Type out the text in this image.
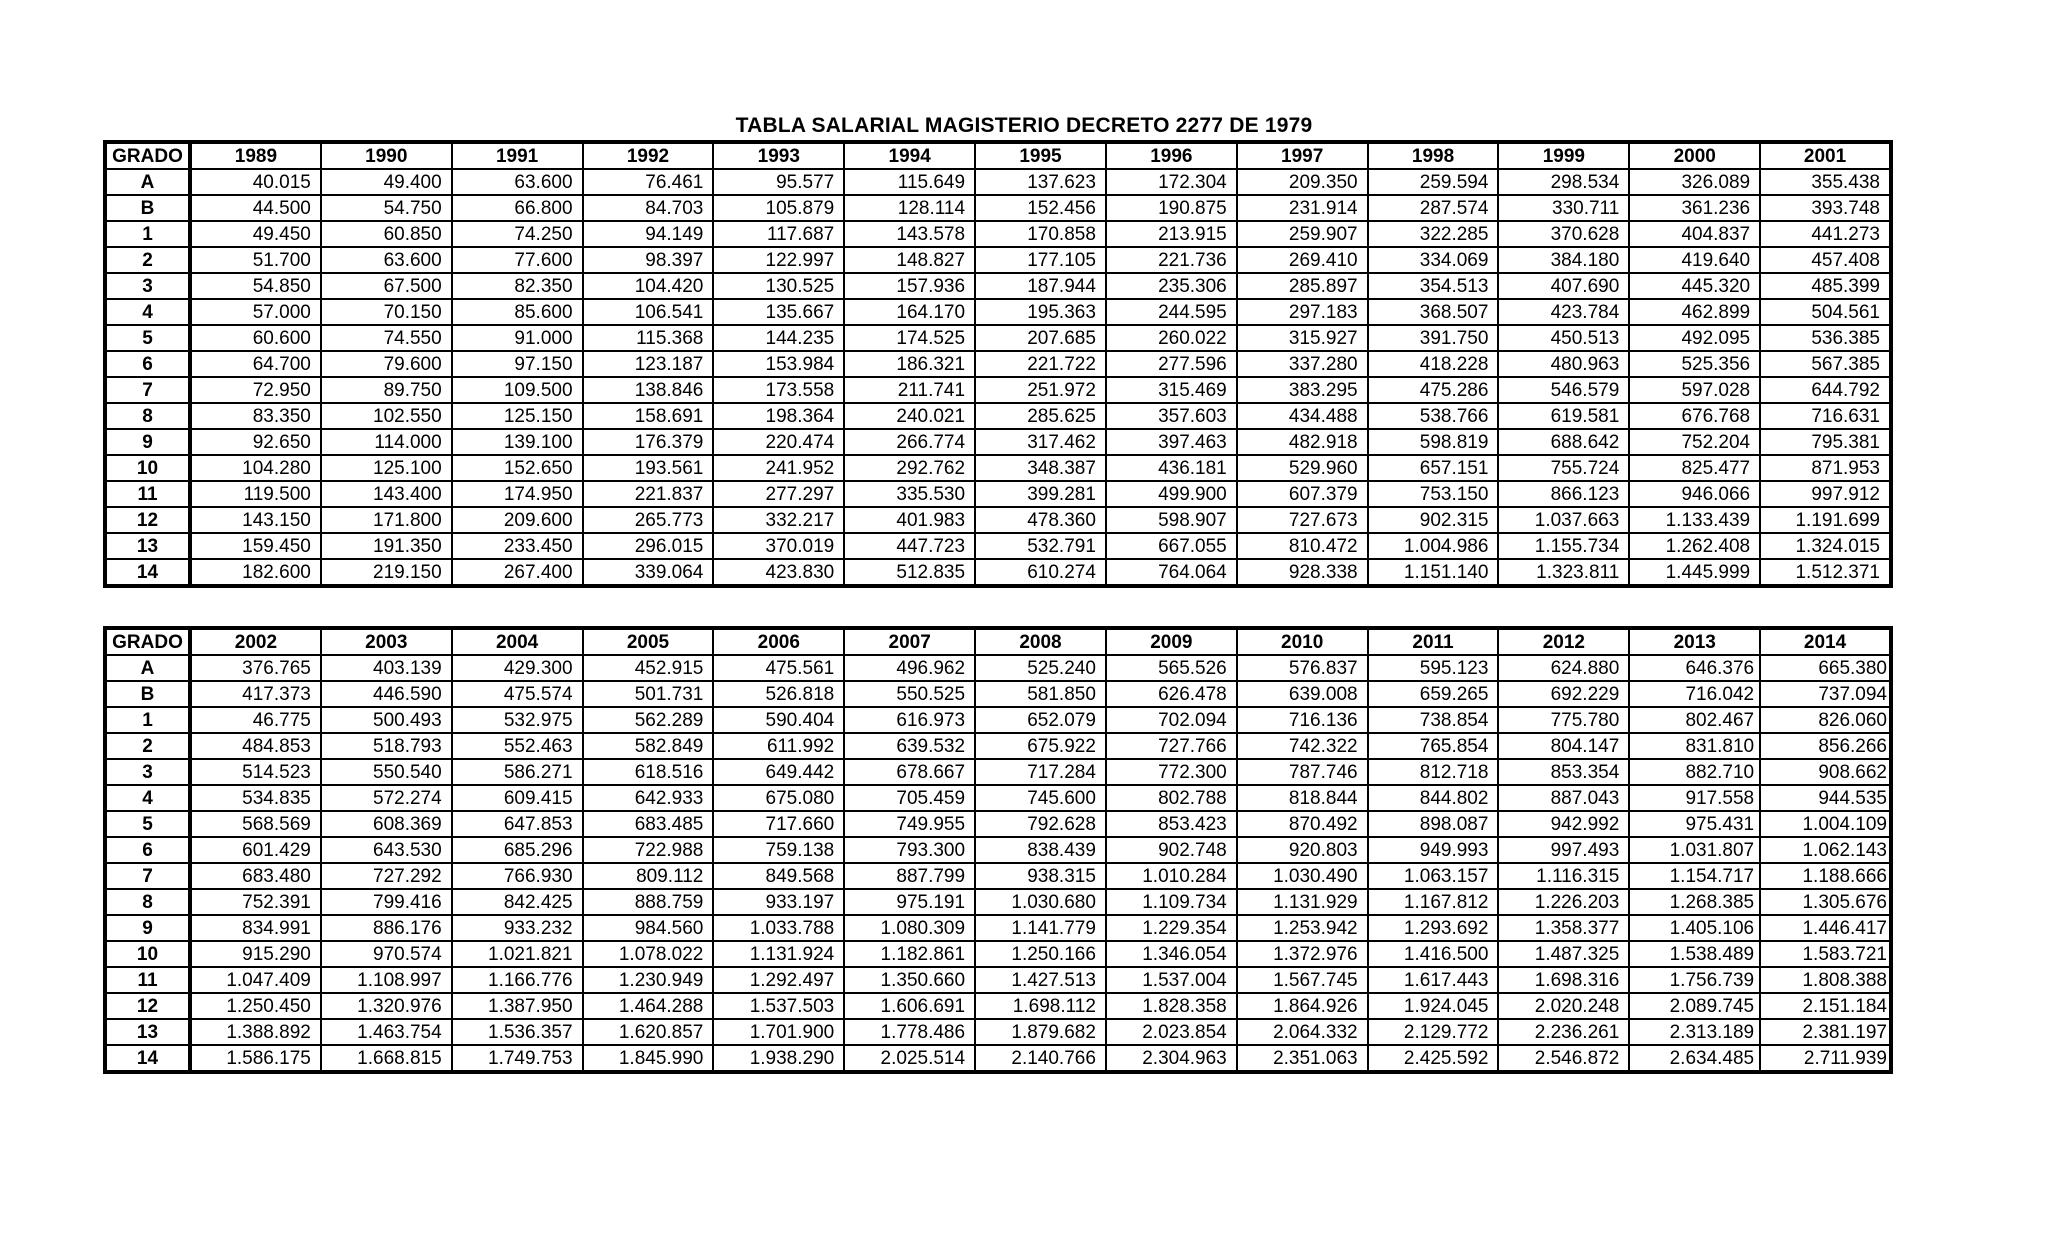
TABLA SALARIAL MAGISTERIO DECRETO 2277 DE 1979
GRADO	1989	1990	1991	1992	1993	1994	1995	1996	1997	1998	1999	2000	2001
A	40.015	49.400	63.600	76.461	95.577	115.649	137.623	172.304	209.350	259.594	298.534	326.089	355.438
B	44.500	54.750	66.800	84.703	105.879	128.114	152.456	190.875	231.914	287.574	330.711	361.236	393.748
1	49.450	60.850	74.250	94.149	117.687	143.578	170.858	213.915	259.907	322.285	370.628	404.837	441.273
2	51.700	63.600	77.600	98.397	122.997	148.827	177.105	221.736	269.410	334.069	384.180	419.640	457.408
3	54.850	67.500	82.350	104.420	130.525	157.936	187.944	235.306	285.897	354.513	407.690	445.320	485.399
4	57.000	70.150	85.600	106.541	135.667	164.170	195.363	244.595	297.183	368.507	423.784	462.899	504.561
5	60.600	74.550	91.000	115.368	144.235	174.525	207.685	260.022	315.927	391.750	450.513	492.095	536.385
6	64.700	79.600	97.150	123.187	153.984	186.321	221.722	277.596	337.280	418.228	480.963	525.356	567.385
7	72.950	89.750	109.500	138.846	173.558	211.741	251.972	315.469	383.295	475.286	546.579	597.028	644.792
8	83.350	102.550	125.150	158.691	198.364	240.021	285.625	357.603	434.488	538.766	619.581	676.768	716.631
9	92.650	114.000	139.100	176.379	220.474	266.774	317.462	397.463	482.918	598.819	688.642	752.204	795.381
10	104.280	125.100	152.650	193.561	241.952	292.762	348.387	436.181	529.960	657.151	755.724	825.477	871.953
11	119.500	143.400	174.950	221.837	277.297	335.530	399.281	499.900	607.379	753.150	866.123	946.066	997.912
12	143.150	171.800	209.600	265.773	332.217	401.983	478.360	598.907	727.673	902.315	1.037.663	1.133.439	1.191.699
13	159.450	191.350	233.450	296.015	370.019	447.723	532.791	667.055	810.472	1.004.986	1.155.734	1.262.408	1.324.015
14	182.600	219.150	267.400	339.064	423.830	512.835	610.274	764.064	928.338	1.151.140	1.323.811	1.445.999	1.512.371
GRADO	2002	2003	2004	2005	2006	2007	2008	2009	2010	2011	2012	2013	2014
A	376.765	403.139	429.300	452.915	475.561	496.962	525.240	565.526	576.837	595.123	624.880	646.376	665.380
B	417.373	446.590	475.574	501.731	526.818	550.525	581.850	626.478	639.008	659.265	692.229	716.042	737.094
1	46.775	500.493	532.975	562.289	590.404	616.973	652.079	702.094	716.136	738.854	775.780	802.467	826.060
2	484.853	518.793	552.463	582.849	611.992	639.532	675.922	727.766	742.322	765.854	804.147	831.810	856.266
3	514.523	550.540	586.271	618.516	649.442	678.667	717.284	772.300	787.746	812.718	853.354	882.710	908.662
4	534.835	572.274	609.415	642.933	675.080	705.459	745.600	802.788	818.844	844.802	887.043	917.558	944.535
5	568.569	608.369	647.853	683.485	717.660	749.955	792.628	853.423	870.492	898.087	942.992	975.431	1.004.109
6	601.429	643.530	685.296	722.988	759.138	793.300	838.439	902.748	920.803	949.993	997.493	1.031.807	1.062.143
7	683.480	727.292	766.930	809.112	849.568	887.799	938.315	1.010.284	1.030.490	1.063.157	1.116.315	1.154.717	1.188.666
8	752.391	799.416	842.425	888.759	933.197	975.191	1.030.680	1.109.734	1.131.929	1.167.812	1.226.203	1.268.385	1.305.676
9	834.991	886.176	933.232	984.560	1.033.788	1.080.309	1.141.779	1.229.354	1.253.942	1.293.692	1.358.377	1.405.106	1.446.417
10	915.290	970.574	1.021.821	1.078.022	1.131.924	1.182.861	1.250.166	1.346.054	1.372.976	1.416.500	1.487.325	1.538.489	1.583.721
11	1.047.409	1.108.997	1.166.776	1.230.949	1.292.497	1.350.660	1.427.513	1.537.004	1.567.745	1.617.443	1.698.316	1.756.739	1.808.388
12	1.250.450	1.320.976	1.387.950	1.464.288	1.537.503	1.606.691	1.698.112	1.828.358	1.864.926	1.924.045	2.020.248	2.089.745	2.151.184
13	1.388.892	1.463.754	1.536.357	1.620.857	1.701.900	1.778.486	1.879.682	2.023.854	2.064.332	2.129.772	2.236.261	2.313.189	2.381.197
14	1.586.175	1.668.815	1.749.753	1.845.990	1.938.290	2.025.514	2.140.766	2.304.963	2.351.063	2.425.592	2.546.872	2.634.485	2.711.939
